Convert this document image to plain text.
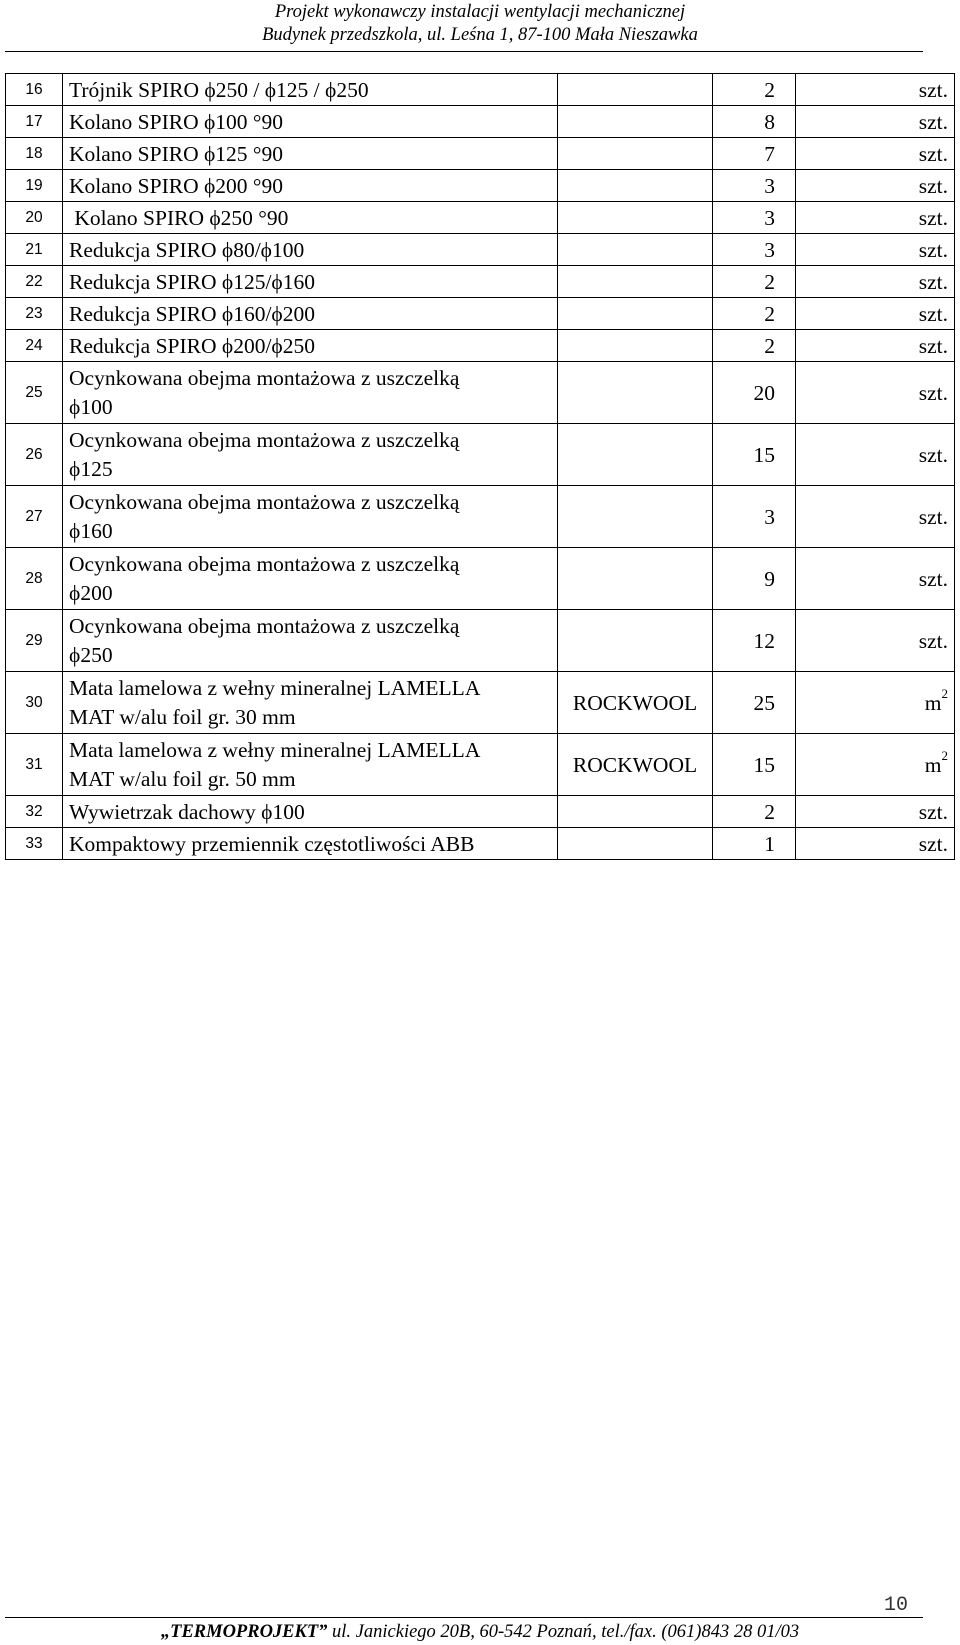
Projekt wykonawczy instalacji wentylacji mechanicznej
Budynek przedszkola, ul. Leśna 1, 87-100 Mała Nieszawka
16	Trójnik SPIRO ϕ250 / ϕ125 / ϕ250		2	szt.
17	Kolano SPIRO ϕ100 °90		8	szt.
18	Kolano SPIRO ϕ125 °90		7	szt.
19	Kolano SPIRO ϕ200 °90		3	szt.
20	Kolano SPIRO ϕ250 °90		3	szt.
21	Redukcja SPIRO ϕ80/ϕ100		3	szt.
22	Redukcja SPIRO ϕ125/ϕ160		2	szt.
23	Redukcja SPIRO ϕ160/ϕ200		2	szt.
24	Redukcja SPIRO ϕ200/ϕ250		2	szt.
25	Ocynkowana obejma montażowa z uszczelką
ϕ100		20	szt.
26	Ocynkowana obejma montażowa z uszczelką
ϕ125		15	szt.
27	Ocynkowana obejma montażowa z uszczelką
ϕ160		3	szt.
28	Ocynkowana obejma montażowa z uszczelką
ϕ200		9	szt.
29	Ocynkowana obejma montażowa z uszczelką
ϕ250		12	szt.
30	Mata lamelowa z wełny mineralnej LAMELLA
MAT w/alu foil gr. 30 mm	ROCKWOOL	25	$m^2$
31	Mata lamelowa z wełny mineralnej LAMELLA
MAT w/alu foil gr. 50 mm	ROCKWOOL	15	$m^2$
32	Wywietrzak dachowy ϕ100		2	szt.
33	Kompaktowy przemiennik częstotliwości ABB		1	szt.
10
„TERMOPROJEKT” ul. Janickiego 20B, 60-542 Poznań, tel./fax. (061)843 28 01/03
